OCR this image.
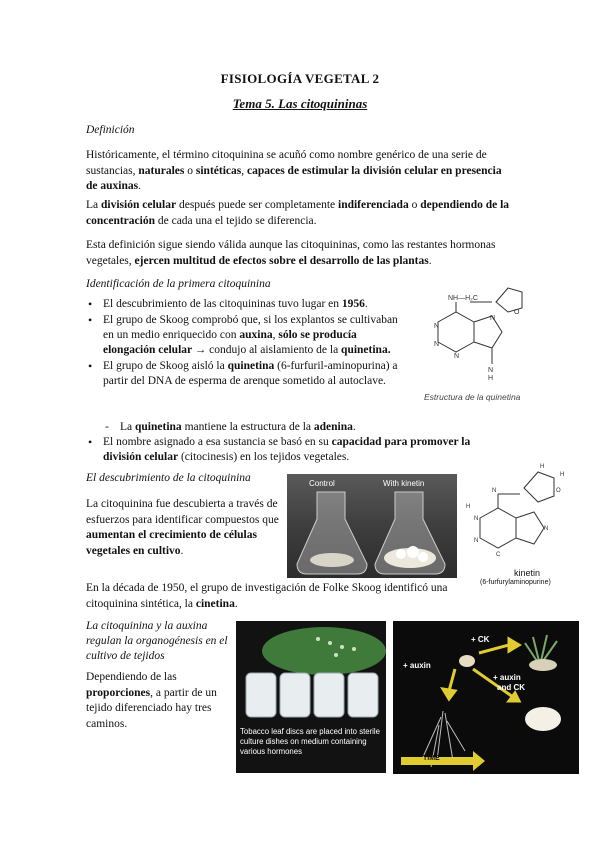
FISIOLOGÍA VEGETAL 2
Tema 5. Las citoquininas
Definición

Históricamente, el término citoquinina se acuñó como nombre genérico de una serie de sustancias, naturales o sintéticas, capaces de estimular la división celular en presencia de auxinas.

La división celular después puede ser completamente indiferenciada o dependiendo de la concentración de cada una el tejido se diferencia.

Esta definición sigue siendo válida aunque las citoquininas, como las restantes hormonas vegetales, ejercen multitud de efectos sobre el desarrollo de las plantas.

Identificación de la primera citoquinina
• El descubrimiento de las citoquininas tuvo lugar en 1956.
• El grupo de Skoog comprobó que, si los explantos se cultivaban en un medio enriquecido con auxina, sólo se producía elongación celular → condujo al aislamiento de la quinetina.
• El grupo de Skoog aisló la quinetina (6-furfuril-aminopurina) a partir del DNA de esperma de arenque sometido al autoclave.
- La quinetina mantiene la estructura de la adenina.
• El nombre asignado a esa sustancia se basó en su capacidad para promover la división celular (citocinesis) en los tejidos vegetales.
N
N
N
N
N
H
O
NH—H₂C
Estructura de la quinetina
El descubrimiento de la citoquinina

La citoquinina fue descubierta a través de esfuerzos para identificar compuestos que aumentan el crecimiento de células vegetales en cultivo.

Control	With kinetin
N
N
C
N
O
N
H
H
H
kinetin
(6-furfurylaminopurine)

En la década de 1950, el grupo de investigación de Folke Skoog identificó una citoquinina sintética, la cinetina.

La citoquinina y la auxina regulan la organogénesis en el cultivo de tejidos

Dependiendo de las proporciones, a partir de un tejido diferenciado hay tres caminos.

Tobacco leaf discs are placed into sterile culture dishes on medium containing various hormones
+ CK
+ auxin
+ auxin
and CK
TIME
